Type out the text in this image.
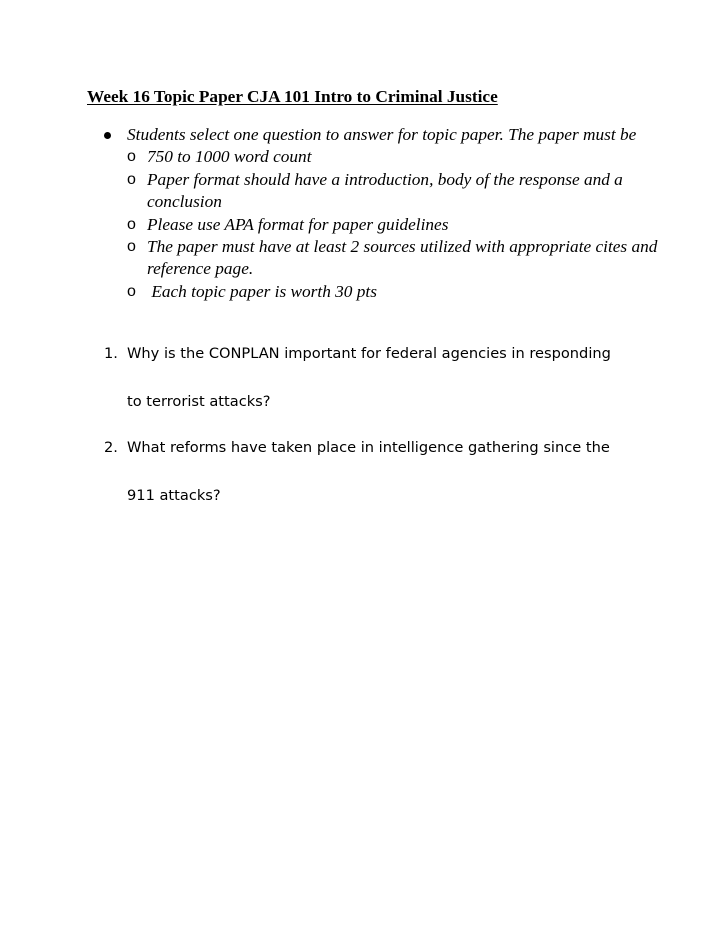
Week 16 Topic Paper CJA 101 Intro to Criminal Justice
Students select one question to answer for topic paper. The paper must be
o 750 to 1000 word count
o Paper format should have a introduction, body of the response and a conclusion
o Please use APA format for paper guidelines
o The paper must have at least 2 sources utilized with appropriate cites and reference page.
o Each topic paper is worth 30 pts
1. Why is the CONPLAN important for federal agencies in responding
to terrorist attacks?
2. What reforms have taken place in intelligence gathering since the
911 attacks?
